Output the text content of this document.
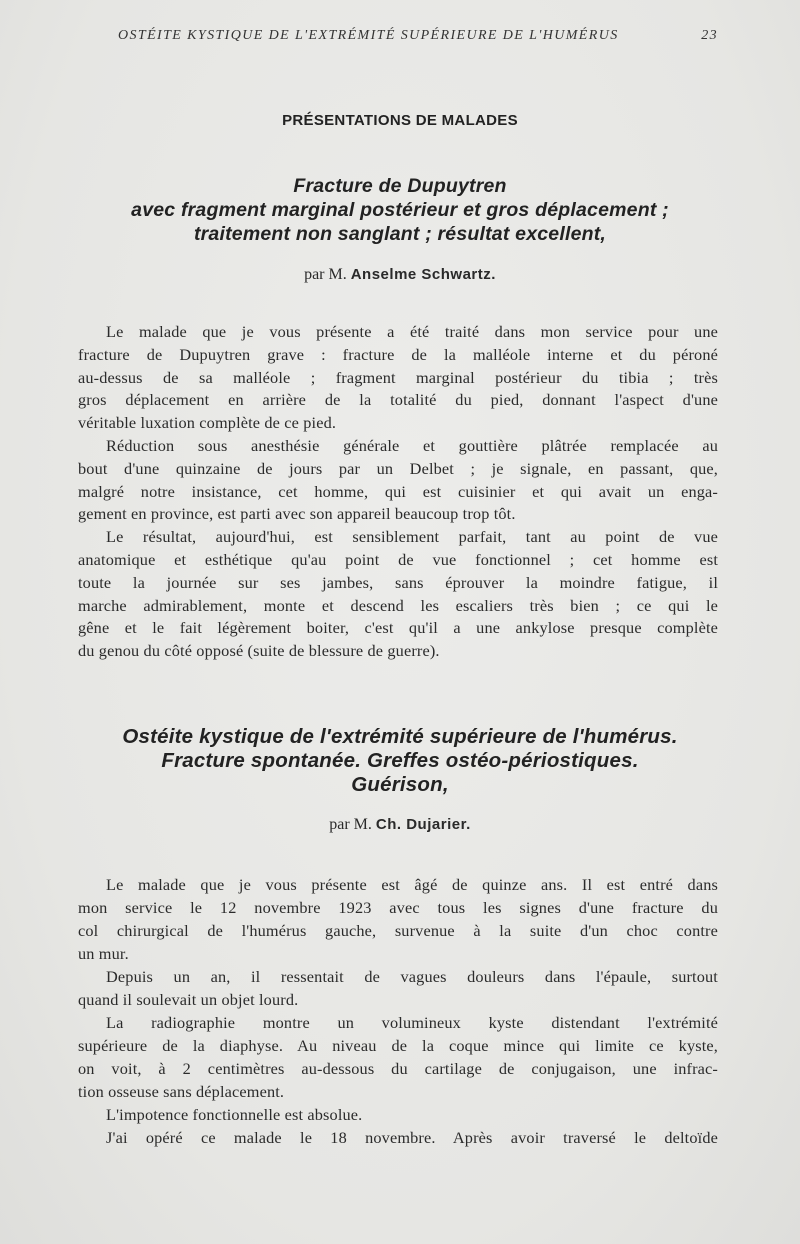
OSTÉITE KYSTIQUE DE L'EXTRÉMITÉ SUPÉRIEURE DE L'HUMÉRUS	23
PRÉSENTATIONS DE MALADES
Fracture de Dupuytren
avec fragment marginal postérieur et gros déplacement ;
traitement non sanglant ; résultat excellent,
par M. Anselme Schwartz.
Le malade que je vous présente a été traité dans mon service pour une
fracture de Dupuytren grave : fracture de la malléole interne et du péroné
au-dessus de sa malléole ; fragment marginal postérieur du tibia ; très
gros déplacement en arrière de la totalité du pied, donnant l'aspect d'une
véritable luxation complète de ce pied.
Réduction sous anesthésie générale et gouttière plâtrée remplacée au
bout d'une quinzaine de jours par un Delbet ; je signale, en passant, que,
malgré notre insistance, cet homme, qui est cuisinier et qui avait un enga-
gement en province, est parti avec son appareil beaucoup trop tôt.
Le résultat, aujourd'hui, est sensiblement parfait, tant au point de vue
anatomique et esthétique qu'au point de vue fonctionnel ; cet homme est
toute la journée sur ses jambes, sans éprouver la moindre fatigue, il
marche admirablement, monte et descend les escaliers très bien ; ce qui le
gêne et le fait légèrement boiter, c'est qu'il a une ankylose presque complète
du genou du côté opposé (suite de blessure de guerre).
Ostéite kystique de l'extrémité supérieure de l'humérus.
Fracture spontanée. Greffes ostéo-périostiques.
Guérison,
par M. Ch. Dujarier.
Le malade que je vous présente est âgé de quinze ans. Il est entré dans
mon service le 12 novembre 1923 avec tous les signes d'une fracture du
col chirurgical de l'humérus gauche, survenue à la suite d'un choc contre
un mur.
Depuis un an, il ressentait de vagues douleurs dans l'épaule, surtout
quand il soulevait un objet lourd.
La radiographie montre un volumineux kyste distendant l'extrémité
supérieure de la diaphyse. Au niveau de la coque mince qui limite ce kyste,
on voit, à 2 centimètres au-dessous du cartilage de conjugaison, une infrac-
tion osseuse sans déplacement.
L'impotence fonctionnelle est absolue.
J'ai opéré ce malade le 18 novembre. Après avoir traversé le deltoïde
